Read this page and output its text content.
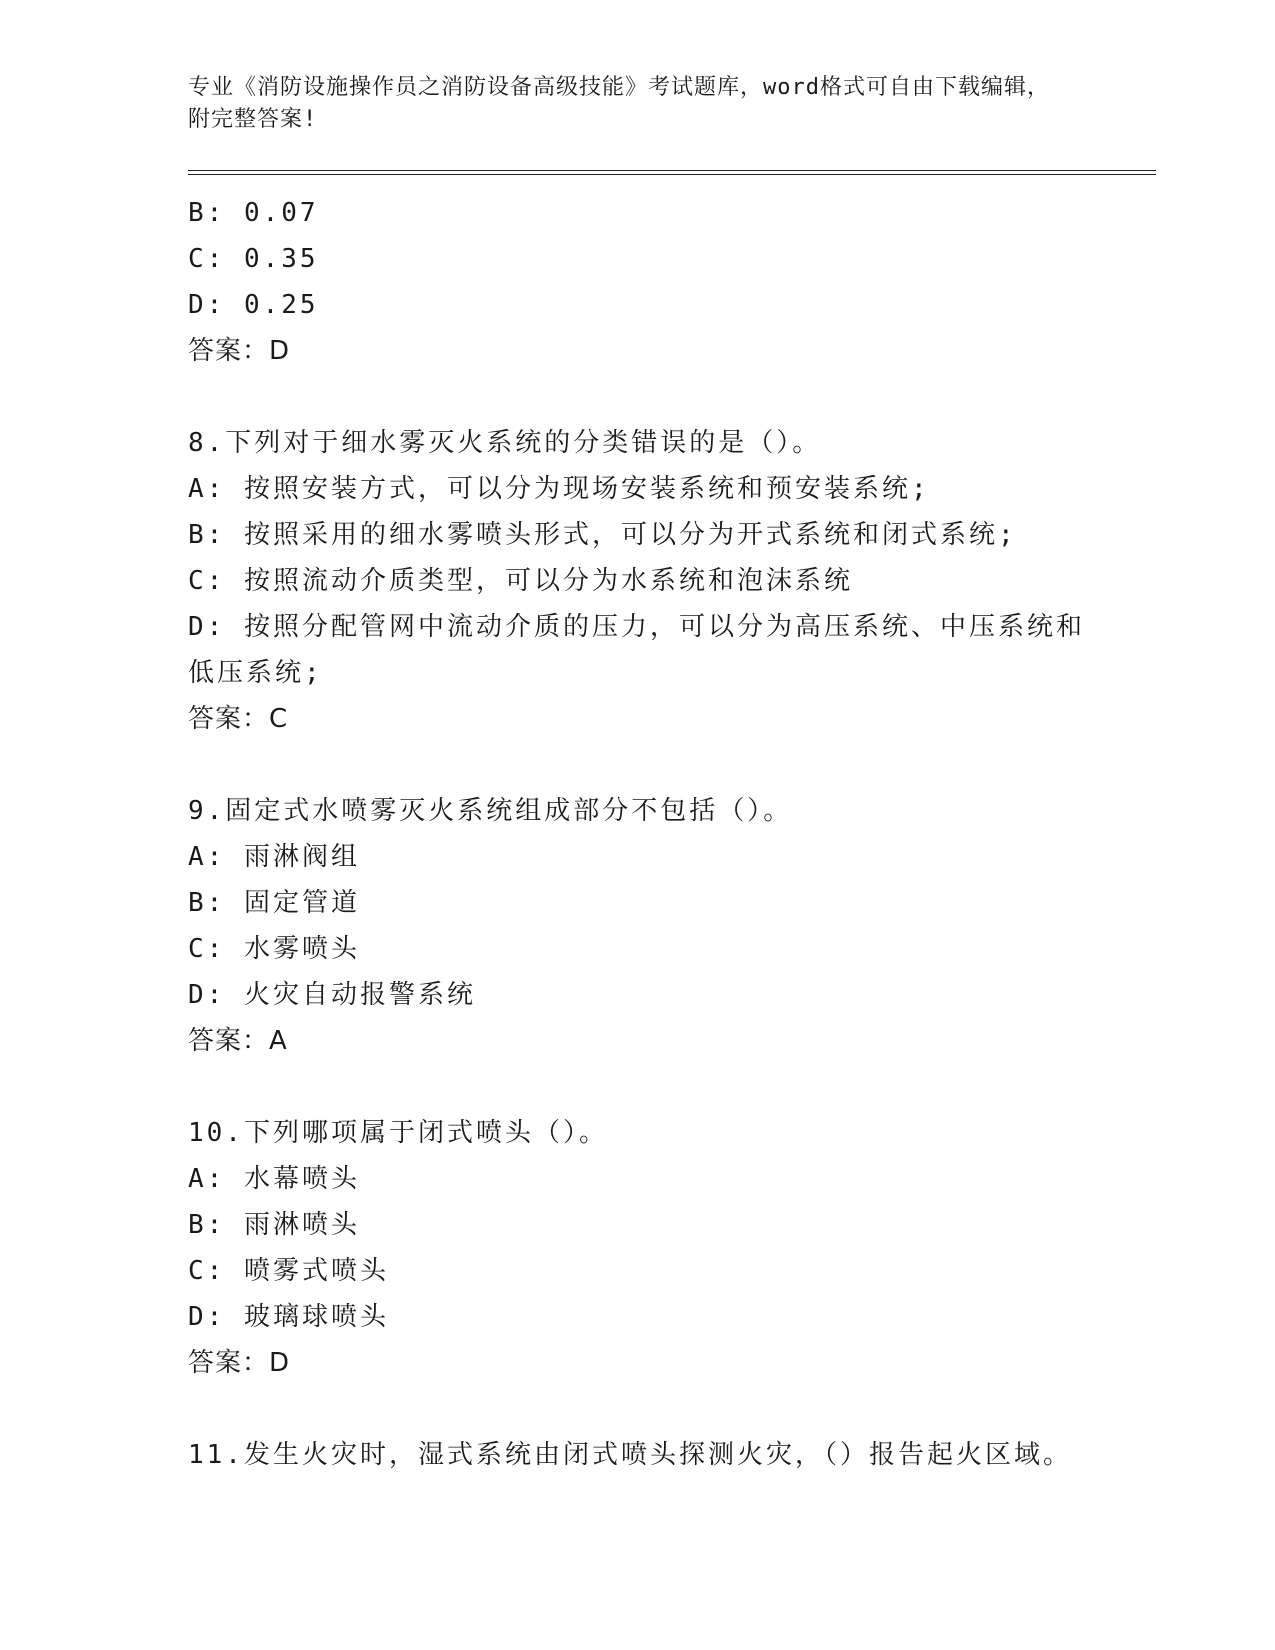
专业《消防设施操作员之消防设备高级技能》考试题库，word格式可自由下载编辑，附完整答案!
B: 0.07
C: 0.35
D: 0.25
答案：D
8.下列对于细水雾灭火系统的分类错误的是（）。
A: 按照安装方式，可以分为现场安装系统和预安装系统;
B: 按照采用的细水雾喷头形式，可以分为开式系统和闭式系统;
C: 按照流动介质类型，可以分为水系统和泡沫系统
D: 按照分配管网中流动介质的压力，可以分为高压系统、中压系统和低压系统;
答案：C
9.固定式水喷雾灭火系统组成部分不包括（）。
A: 雨淋阀组
B: 固定管道
C: 水雾喷头
D: 火灾自动报警系统
答案：A
10.下列哪项属于闭式喷头（）。
A: 水幕喷头
B: 雨淋喷头
C: 喷雾式喷头
D: 玻璃球喷头
答案：D
11.发生火灾时，湿式系统由闭式喷头探测火灾，（）报告起火区域。
